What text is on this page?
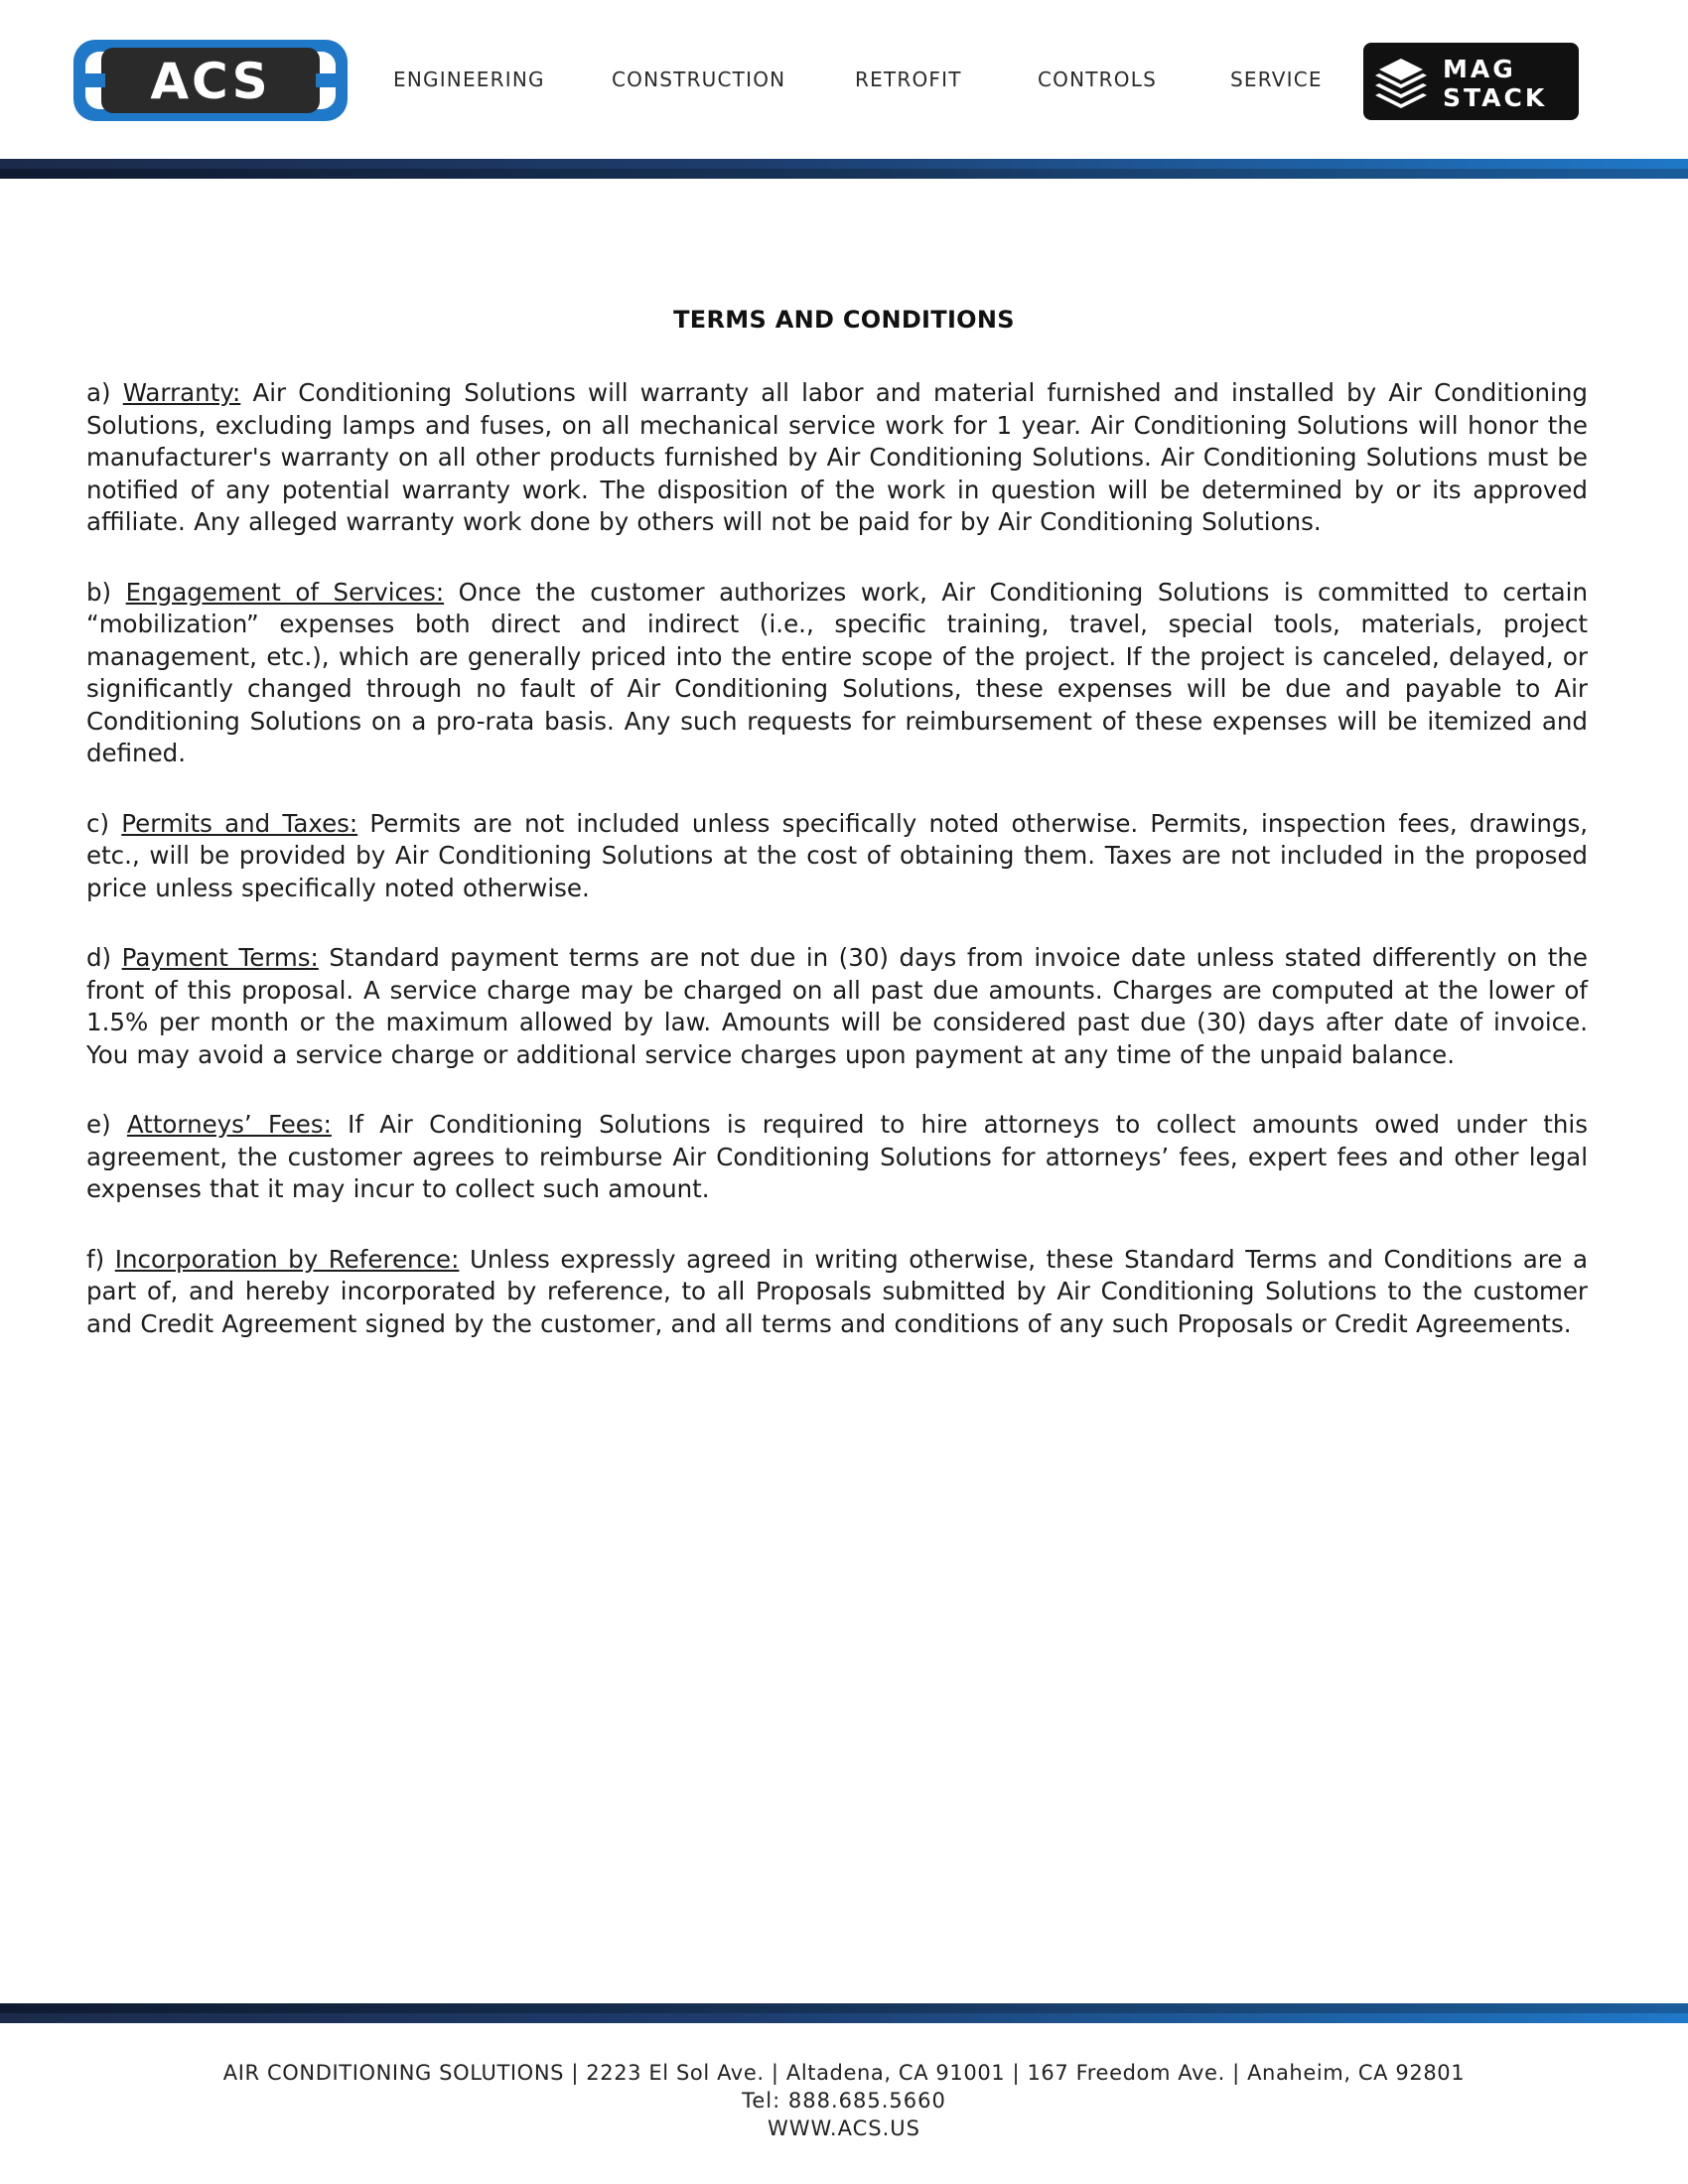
ACS	ENGINEERING	CONSTRUCTION	RETROFIT	CONTROLS	SERVICE	MAG
STACK
TERMS AND CONDITIONS

a) Warranty: Air Conditioning Solutions will warranty all labor and material furnished and installed by Air Conditioning Solutions, excluding lamps and fuses, on all mechanical service work for 1 year. Air Conditioning Solutions will honor the manufacturer's warranty on all other products furnished by Air Conditioning Solutions. Air Conditioning Solutions must be notified of any potential warranty work. The disposition of the work in question will be determined by or its approved affiliate. Any alleged warranty work done by others will not be paid for by Air Conditioning Solutions.

b) Engagement of Services: Once the customer authorizes work, Air Conditioning Solutions is committed to certain “mobilization” expenses both direct and indirect (i.e., specific training, travel, special tools, materials, project management, etc.), which are generally priced into the entire scope of the project. If the project is canceled, delayed, or significantly changed through no fault of Air Conditioning Solutions, these expenses will be due and payable to Air Conditioning Solutions on a pro-rata basis. Any such requests for reimbursement of these expenses will be itemized and defined.

c) Permits and Taxes: Permits are not included unless specifically noted otherwise. Permits, inspection fees, drawings, etc., will be provided by Air Conditioning Solutions at the cost of obtaining them. Taxes are not included in the proposed price unless specifically noted otherwise.

d) Payment Terms: Standard payment terms are not due in (30) days from invoice date unless stated differently on the front of this proposal. A service charge may be charged on all past due amounts. Charges are computed at the lower of 1.5% per month or the maximum allowed by law. Amounts will be considered past due (30) days after date of invoice. You may avoid a service charge or additional service charges upon payment at any time of the unpaid balance.

e) Attorneys’ Fees: If Air Conditioning Solutions is required to hire attorneys to collect amounts owed under this agreement, the customer agrees to reimburse Air Conditioning Solutions for attorneys’ fees, expert fees and other legal expenses that it may incur to collect such amount.

f) Incorporation by Reference: Unless expressly agreed in writing otherwise, these Standard Terms and Conditions are a part of, and hereby incorporated by reference, to all Proposals submitted by Air Conditioning Solutions to the customer and Credit Agreement signed by the customer, and all terms and conditions of any such Proposals or Credit Agreements.

AIR CONDITIONING SOLUTIONS | 2223 El Sol Ave. | Altadena, CA 91001 | 167 Freedom Ave. | Anaheim, CA 92801
Tel: 888.685.5660
WWW.ACS.US
